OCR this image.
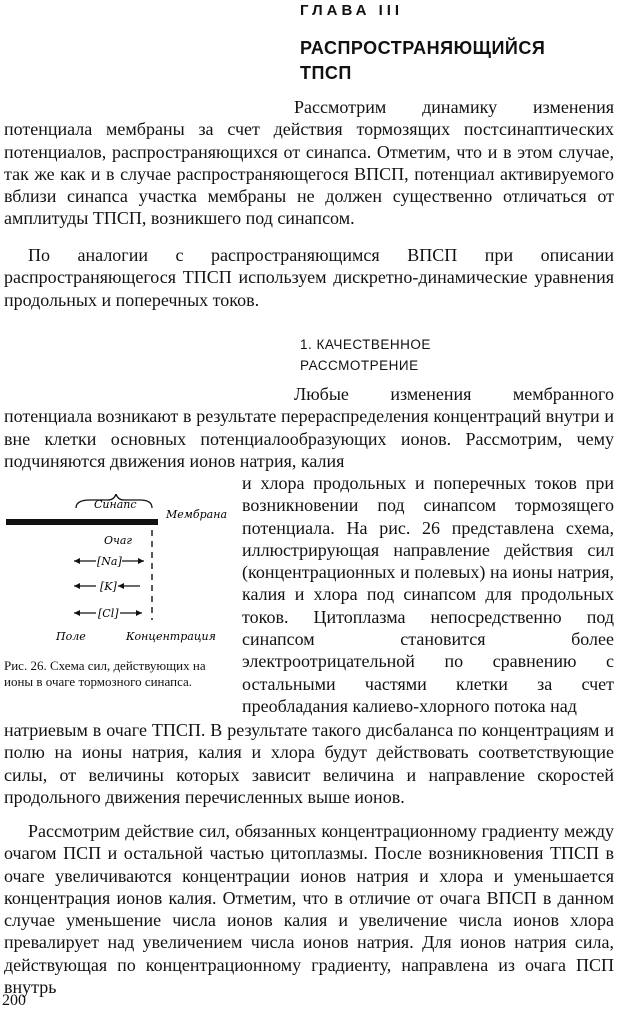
ГЛАВА III
РАСПРОСТРАНЯЮЩИЙСЯ
ТПСП
Рассмотрим динамику изменения потенциала мембраны за счет действия тормозящих постсинаптических потенциалов, распространяющихся от синапса. Отметим, что и в этом случае, так же как и в случае распространяющегося ВПСП, потенциал активируемого вблизи синапса участка мембраны не должен существенно отличаться от амплитуды ТПСП, возникшего под синапсом.
По аналогии с распространяющимся ВПСП при описании распространяющегося ТПСП используем дискретно-динамические уравнения продольных и поперечных токов.
1. КАЧЕСТВЕННОЕ
РАССМОТРЕНИЕ
Любые изменения мембранного потенциала возникают в результате перераспределения концентраций внутри и вне клетки основных потенциалообразующих ионов. Рассмотрим, чему подчиняются движения ионов натрия, калия
Синапс
Мембрана
Очаг
[Na]
[K]
[Cl]
Поле	Концентрация
Рис. 26. Схема сил, действующих на ионы в очаге тормозного синапса.
и хлора продольных и поперечных токов при возникновении под синапсом тормозящего потенциала. На рис. 26 представлена схема, иллюстрирующая направление действия сил (концентрационных и полевых) на ионы натрия, калия и хлора под синапсом для продольных токов. Цитоплазма непосредственно под синапсом становится более электроотрицательной по сравнению с остальными частями клетки за счет преобладания калиево-хлорного потока над
натриевым в очаге ТПСП. В результате такого дисбаланса по концентрациям и полю на ионы натрия, калия и хлора будут действовать соответствующие силы, от величины которых зависит величина и направление скоростей продольного движения перечисленных выше ионов.
Рассмотрим действие сил, обязанных концентрационному градиенту между очагом ПСП и остальной частью цитоплазмы. После возникновения ТПСП в очаге увеличиваются концентрации ионов натрия и хлора и уменьшается концентрация ионов калия. Отметим, что в отличие от очага ВПСП в данном случае уменьшение числа ионов калия и увеличение числа ионов хлора превалирует над увеличением числа ионов натрия. Для ионов натрия сила, действующая по концентрационному градиенту, направлена из очага ПСП внутрь
200
